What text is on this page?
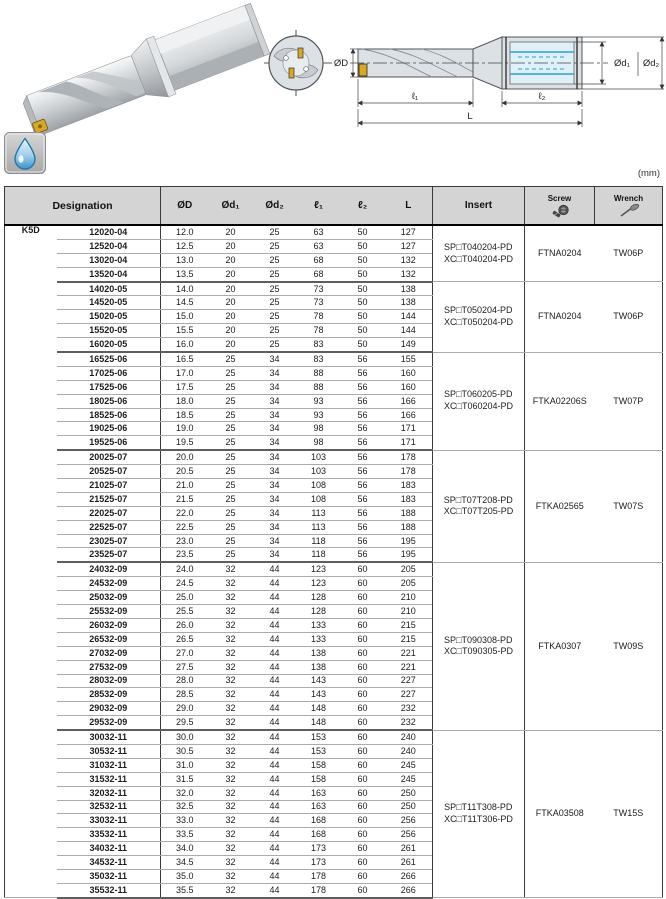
ØD	Ød₁ Ød₂
ℓ₁	ℓ₂
L
(mm)
Designation		ØD	Ød₁	Ød₂	ℓ₁	ℓ₂	L	Insert	Screw	Wrench

K5D	12020-04	12.0	20	25	63	50	127	SP□T040204-PD
XC□T040204-PD	FTNA0204	TW06P
	12520-04	12.5	20	25	63	50	127			
	13020-04	13.0	20	25	68	50	132			
	13520-04	13.5	20	25	68	50	132			
	14020-05	14.0	20	25	73	50	138	SP□T050204-PD
XC□T050204-PD	FTNA0204	TW06P
	14520-05	14.5	20	25	73	50	138			
	15020-05	15.0	20	25	78	50	144			
	15520-05	15.5	20	25	78	50	144			
	16020-05	16.0	20	25	83	50	149			
	16525-06	16.5	25	34	83	56	155	SP□T060205-PD
XC□T060204-PD	FTKA02206S	TW07P
	17025-06	17.0	25	34	88	56	160			
	17525-06	17.5	25	34	88	56	160			
	18025-06	18.0	25	34	93	56	166			
	18525-06	18.5	25	34	93	56	166			
	19025-06	19.0	25	34	98	56	171			
	19525-06	19.5	25	34	98	56	171			
	20025-07	20.0	25	34	103	56	178	SP□T07T208-PD
XC□T07T205-PD	FTKA02565	TW07S
	20525-07	20.5	25	34	103	56	178			
	21025-07	21.0	25	34	108	56	183			
	21525-07	21.5	25	34	108	56	183			
	22025-07	22.0	25	34	113	56	188			
	22525-07	22.5	25	34	113	56	188			
	23025-07	23.0	25	34	118	56	195			
	23525-07	23.5	25	34	118	56	195			
	24032-09	24.0	32	44	123	60	205	SP□T090308-PD
XC□T090305-PD	FTKA0307	TW09S
	24532-09	24.5	32	44	123	60	205			
	25032-09	25.0	32	44	128	60	210			
	25532-09	25.5	32	44	128	60	210			
	26032-09	26.0	32	44	133	60	215			
	26532-09	26.5	32	44	133	60	215			
	27032-09	27.0	32	44	138	60	221			
	27532-09	27.5	32	44	138	60	221			
	28032-09	28.0	32	44	143	60	227			
	28532-09	28.5	32	44	143	60	227			
	29032-09	29.0	32	44	148	60	232			
	29532-09	29.5	32	44	148	60	232			
	30032-11	30.0	32	44	153	60	240	SP□T11T308-PD
XC□T11T306-PD	FTKA03508	TW15S
	30532-11	30.5	32	44	153	60	240			
	31032-11	31.0	32	44	158	60	245			
	31532-11	31.5	32	44	158	60	245			
	32032-11	32.0	32	44	163	60	250			
	32532-11	32.5	32	44	163	60	250			
	33032-11	33.0	32	44	168	60	256			
	33532-11	33.5	32	44	168	60	256			
	34032-11	34.0	32	44	173	60	261			
	34532-11	34.5	32	44	173	60	261			
	35032-11	35.0	32	44	178	60	266			
	35532-11	35.5	32	44	178	60	266			
